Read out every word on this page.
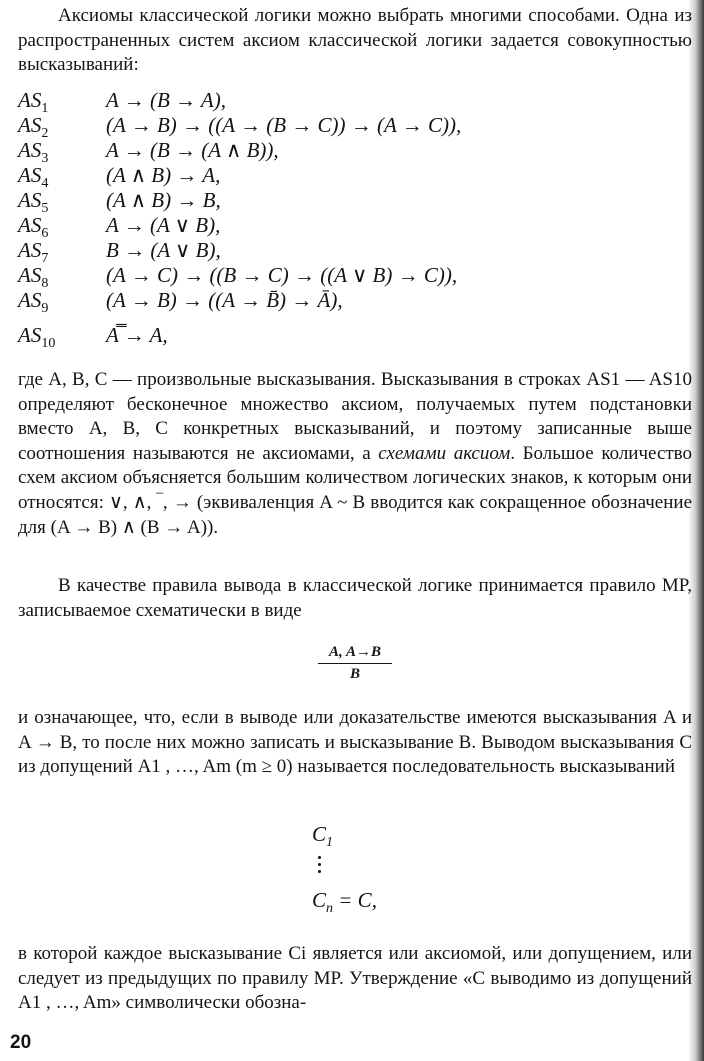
Аксиомы классической логики можно выбрать многими способами. Одна из распространенных систем аксиом классической логики задается совокупностью высказываний:

$AS_1$	A → (B → A),
$AS_2$	(A → B) → ((A → (B → C)) → (A → C)),
$AS_3$	A → (B → (A ∧ B)),
$AS_4$	(A ∧ B) → A,
$AS_5$	(A ∧ B) → B,
$AS_6$	A → (A ∨ B),
$AS_7$	B → (A ∨ B),
$AS_8$	(A → C) → ((B → C) → ((A ∨ B) → C)),
$AS_9$	(A → B) → ((A → B̄) → Ā),
$AS_{10}$ A̿ → A,

где A, B, C — произвольные высказывания. Высказывания в строках AS1 — AS10 определяют бесконечное множество аксиом, получаемых путем подстановки вместо A, B, C конкретных высказываний, и поэтому записанные выше соотношения называются не аксиомами, а схемами аксиом. Большое количество схем аксиом объясняется большим количеством логических знаков, к которым они относятся: ∨, ∧, ‾, → (эквиваленция A ~ B вводится как сокращенное обозначение для (A → B) ∧ (B → A)).

В качестве правила вывода в классической логике принимается правило MP, записываемое схематически в виде

$\frac{A, A\to B}{B}$

и означающее, что, если в выводе или доказательстве имеются высказывания A и A → B, то после них можно записать и высказывание B. Выводом высказывания C из допущений A1 , …, Am (m ≥ 0) называется последовательность высказываний

$C_1$
$C_n = C$,

в которой каждое высказывание Ci является или аксиомой, или допущением, или следует из предыдущих по правилу MP. Утверждение «C выводимо из допущений A1 , …, Am» символически обозна-

20
